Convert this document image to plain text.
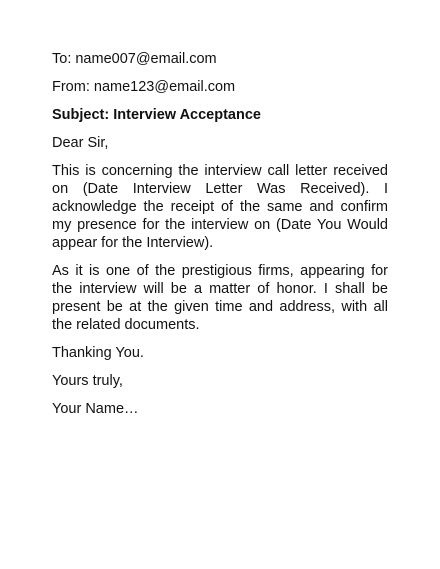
To: name007@email.com
From: name123@email.com
Subject: Interview Acceptance
Dear Sir,
This is concerning the interview call letter received on (Date Interview Letter Was Received). I acknowledge the receipt of the same and confirm my presence for the interview on (Date You Would appear for the Interview).
As it is one of the prestigious firms, appearing for the interview will be a matter of honor. I shall be present be at the given time and address, with all the related documents.
Thanking You.
Yours truly,
Your Name…
